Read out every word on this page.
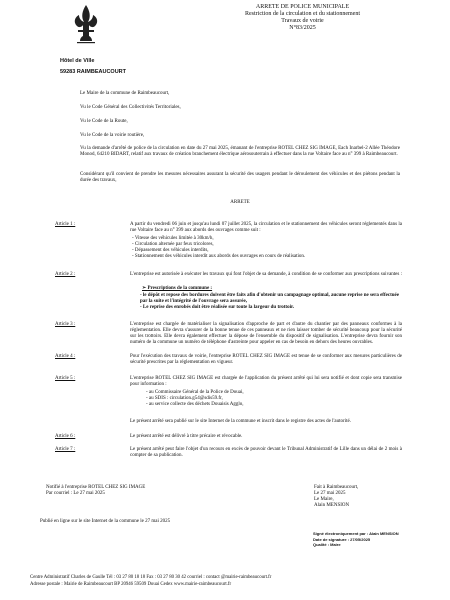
Hôtel de Ville
59283 RAIMBEAUCOURT
ARRETE DE POLICE MUNICIPALE
Restriction de la circulation et du stationnement
Travaux de voirie
N°83/2025
Le Maire de la commune de Raimbeaucourt,
Vu le Code Général des Collectivités Territoriales,
Vu le Code de la Route,
Vu le Code de la voirie routière,
Vu la demande d'arrêté de police de la circulation en date du 27 mai 2025, émanant de l'entreprise ROTEL CHEZ SIG IMAGE, Each Inarbel-2 Allée Théodore Monod, 64210 BIDART, relatif aux travaux de création branchement électrique aérosouterrain à effectuer dans la rue Voltaire face au n° 399 à Raimbeaucourt.
Considérant qu'il convient de prendre les mesures nécessaires assurant la sécurité des usagers pendant le déroulement des véhicules et des piétons pendant la durée des travaux,
ARRETE
Article 1 :	A partir du vendredi 06 juin et jusqu'au lundi 07 juillet 2025, la circulation et le stationnement des véhicules seront réglementés dans la rue Voltaire face au n° 399 aux abords des ouvrages comme suit :
- Vitesse des véhicules limitée à 30km/h,
- Circulation alternée par feux tricolores,
- Dépassement des véhicules interdits,
- Stationnement des véhicules interdit aux abords des ouvrages en cours de réalisation.
Article 2 :	L'entreprise est autorisée à exécuter les travaux qui font l'objet de sa demande, à condition de se conformer aux prescriptions suivantes :
➢ Prescriptions de la commune :
- le dépôt et repose des bordures doivent être faits afin d'obtenir un campagnage optimal, aucune reprise ne sera effectuée par la suite et l'intégrité de l'ouvrage sera assurée,
- Le reprise des enrobés doit être réalisée sur toute la largeur du trottoir.
Article 3 :	L'entreprise est chargée de matérialiser la signalisation d'approche de part et d'autre du chantier par des panneaux conformes à la réglementation. Elle devra s'assurer de la bonne tenue de ces panneaux et ne rien laisser tomber de sécurité beaucoup pour la sécurité sur les trottoirs. Elle devra également effectuer la dépose de l'ensemble du dispositif de signalisation. L'entreprise devra fournir son numéro de la commune un numéro de téléphone d'astreinte pour appeler en cas de besoin en dehors des heures ouvrables.
Article 4 :	Pour l'exécution des travaux de voirie, l'entreprise ROTEL CHEZ SIG IMAGE est tenue de se conformer aux mesures particulières de sécurité prescrites par la réglementation en vigueur.
Article 5 :	L'entreprise ROTEL CHEZ SIG IMAGE est chargée de l'application du présent arrêté qui lui sera notifié et dont copie sera transmise pour information :
- au Commissaire Général de la Police de Douai,
- au SDIS : circulation.g54@sdis59.fr,
- au service collecte des déchets Douaisis Agglo,
Le présent arrêté sera publié sur le site Internet de la commune et inscrit dans le registre des actes de l'autorité.
Article 6 :	Le présent arrêté est délivré à titre précaire et révocable.
Article 7 :	Le présent arrêté peut faire l'objet d'un recours en excès de pouvoir devant le Tribunal Administratif de Lille dans un délai de 2 mois à compter de sa publication.
Notifié à l'entreprise ROTEL CHEZ SIG IMAGE
Par courriel : Le 27 mai 2025
Fait à Raimbeaucourt,
Le 27 mai 2025
Le Maire,
Alain MENSION
Publié en ligne sur le site Internet de la commune le 27 mai 2025
Signé électroniquement par : Alain MENSION
Date de signature : 27/05/2025
Qualité : Maire
Centre Administratif Charles de Gaulle Tél : 03 27 80 18 18 Fax : 03 27 80 30 42 courriel : contact @mairie-raimbeaucourt.fr
Adresse postale : Mairie de Raimbeaucourt BP 20946 59509 Douai Cedex www.mairie-raimbeaucourt.fr
